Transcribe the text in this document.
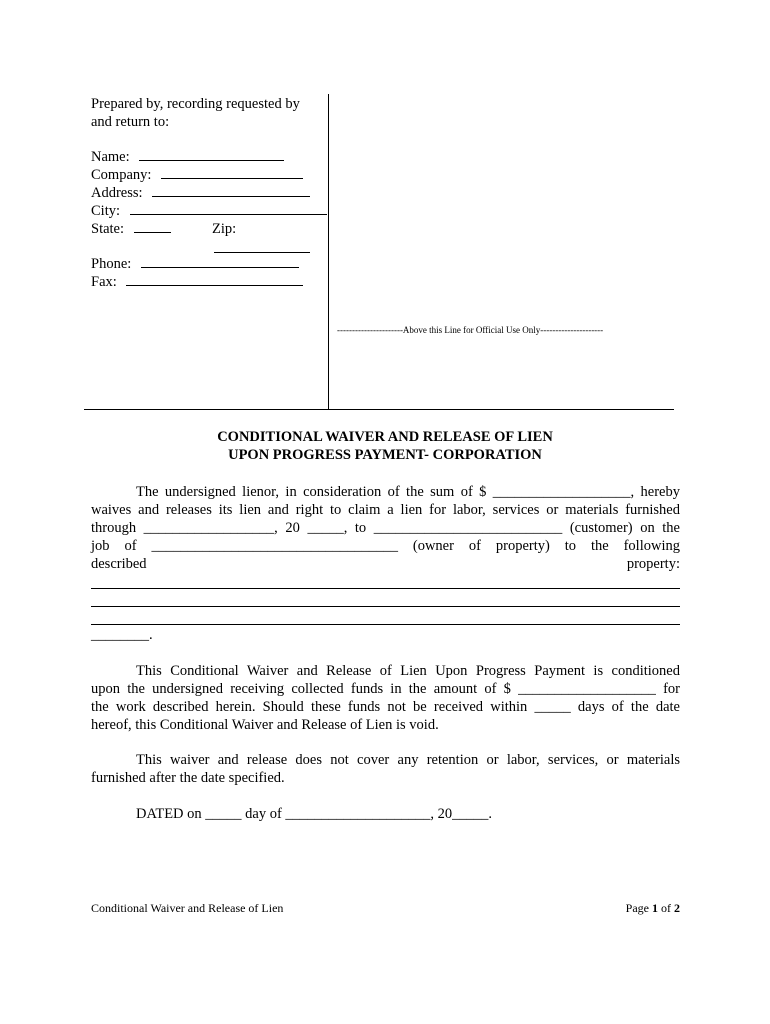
Prepared by, recording requested by
and return to:
Name:
Company:
Address:
City:
State:	Zip:
Phone:
Fax:
----------------------Above this Line for Official Use Only---------------------
CONDITIONAL WAIVER AND RELEASE OF LIEN
UPON PROGRESS PAYMENT- CORPORATION
The undersigned lienor, in consideration of the sum of $ ___________________, hereby
waives and releases its lien and right to claim a lien for labor, services or materials furnished
through __________________, 20 _____, to __________________________ (customer) on the
job of __________________________________ (owner of property) to the following
described	property:
________.
This Conditional Waiver and Release of Lien Upon Progress Payment is conditioned
upon the undersigned receiving collected funds in the amount of $ ___________________ for
the work described herein. Should these funds not be received within _____ days of the date
hereof, this Conditional Waiver and Release of Lien is void.
This waiver and release does not cover any retention or labor, services, or materials
furnished after the date specified.
DATED on _____ day of ____________________, 20_____.
Conditional Waiver and Release of Lien	Page 1 of 2
